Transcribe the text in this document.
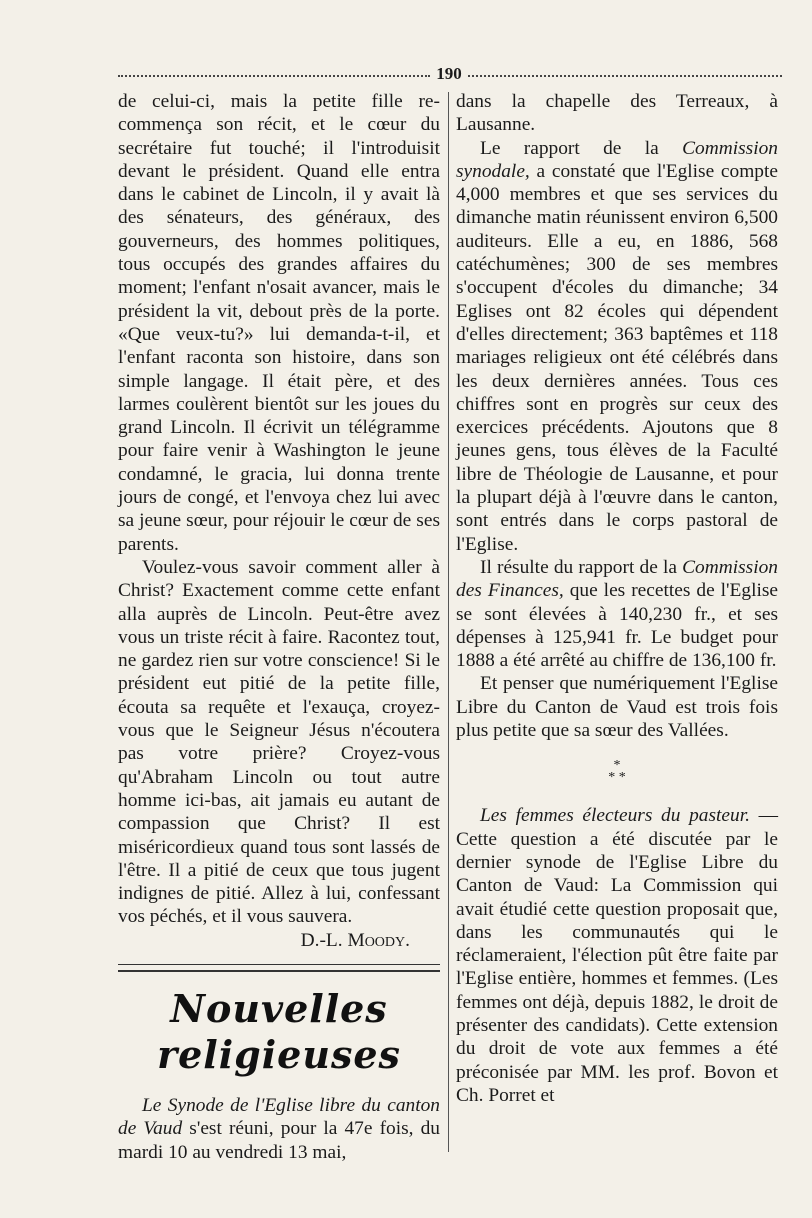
190

de celui-ci, mais la petite fille re-commença son récit, et le cœur du secrétaire fut touché; il l'introduisit devant le président. Quand elle entra dans le cabinet de Lincoln, il y avait là des sénateurs, des généraux, des gouverneurs, des hommes politiques, tous occupés des grandes affaires du moment; l'enfant n'osait avancer, mais le président la vit, debout près de la porte. «Que veux-tu?» lui demanda-t-il, et l'enfant raconta son histoire, dans son simple langage. Il était père, et des larmes coulèrent bientôt sur les joues du grand Lincoln. Il écrivit un télégramme pour faire venir à Washington le jeune condamné, le gracia, lui donna trente jours de congé, et l'envoya chez lui avec sa jeune sœur, pour réjouir le cœur de ses parents.

Voulez-vous savoir comment aller à Christ? Exactement comme cette enfant alla auprès de Lincoln. Peut-être avez vous un triste récit à faire. Racontez tout, ne gardez rien sur votre conscience! Si le président eut pitié de la petite fille, écouta sa requête et l'exauça, croyez-vous que le Seigneur Jésus n'écoutera pas votre prière? Croyez-vous qu'Abraham Lincoln ou tout autre homme ici-bas, ait jamais eu autant de compassion que Christ? Il est miséricordieux quand tous sont lassés de l'être. Il a pitié de ceux que tous jugent indignes de pitié. Allez à lui, confessant vos péchés, et il vous sauvera.

D.-L. Moody.
Nouvelles religieuses

Le Synode de l'Eglise libre du canton de Vaud s'est réuni, pour la 47e fois, du mardi 10 au vendredi 13 mai,

dans la chapelle des Terreaux, à Lausanne.

Le rapport de la Commission synodale, a constaté que l'Eglise compte 4,000 membres et que ses services du dimanche matin réunissent environ 6,500 auditeurs. Elle a eu, en 1886, 568 catéchumènes; 300 de ses membres s'occupent d'écoles du dimanche; 34 Eglises ont 82 écoles qui dépendent d'elles directement; 363 baptêmes et 118 mariages religieux ont été célébrés dans les deux dernières années. Tous ces chiffres sont en progrès sur ceux des exercices précédents. Ajoutons que 8 jeunes gens, tous élèves de la Faculté libre de Théologie de Lausanne, et pour la plupart déjà à l'œuvre dans le canton, sont entrés dans le corps pastoral de l'Eglise.

Il résulte du rapport de la Commission des Finances, que les recettes de l'Eglise se sont élevées à 140,230 fr., et ses dépenses à 125,941 fr. Le budget pour 1888 a été arrêté au chiffre de 136,100 fr.

Et penser que numériquement l'Eglise Libre du Canton de Vaud est trois fois plus petite que sa sœur des Vallées.

*
* *

Les femmes électeurs du pasteur. — Cette question a été discutée par le dernier synode de l'Eglise Libre du Canton de Vaud: La Commission qui avait étudié cette question proposait que, dans les communautés qui le réclameraient, l'élection pût être faite par l'Eglise entière, hommes et femmes. (Les femmes ont déjà, depuis 1882, le droit de présenter des candidats). Cette extension du droit de vote aux femmes a été préconisée par MM. les prof. Bovon et Ch. Porret et
